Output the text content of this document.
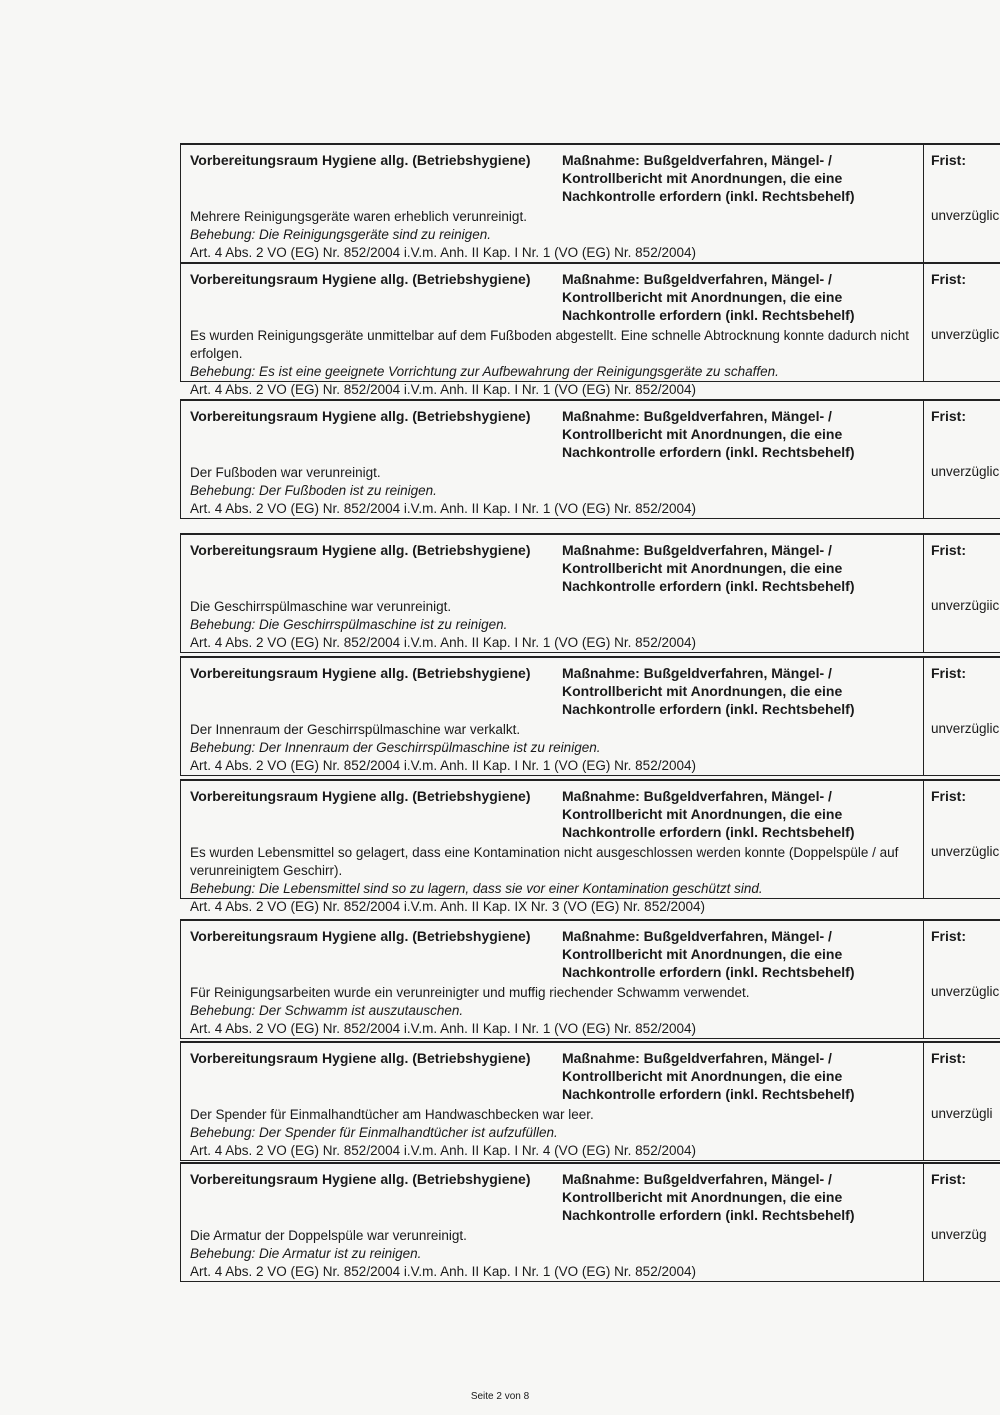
Vorbereitungsraum Hygiene allg. (Betriebshygiene) Maßnahme: Bußgeldverfahren, Mängel- /
Kontrollbericht mit Anordnungen, die eine
Nachkontrolle erfordern (inkl. Rechtsbehelf)
Frist:
Mehrere Reinigungsgeräte waren erheblich verunreinigt.
Behebung: Die Reinigungsgeräte sind zu reinigen.
Art. 4 Abs. 2 VO (EG) Nr. 852/2004 i.V.m. Anh. II Kap. I Nr. 1 (VO (EG) Nr. 852/2004)
unverzüglic
Vorbereitungsraum Hygiene allg. (Betriebshygiene) Maßnahme: Bußgeldverfahren, Mängel- /
Kontrollbericht mit Anordnungen, die eine
Nachkontrolle erfordern (inkl. Rechtsbehelf)
Frist:
Es wurden Reinigungsgeräte unmittelbar auf dem Fußboden abgestellt. Eine schnelle Abtrocknung konnte dadurch nicht erfolgen.
Behebung: Es ist eine geeignete Vorrichtung zur Aufbewahrung der Reinigungsgeräte zu schaffen.
Art. 4 Abs. 2 VO (EG) Nr. 852/2004 i.V.m. Anh. II Kap. I Nr. 1 (VO (EG) Nr. 852/2004)
unverzüglic
Vorbereitungsraum Hygiene allg. (Betriebshygiene) Maßnahme: Bußgeldverfahren, Mängel- /
Kontrollbericht mit Anordnungen, die eine
Nachkontrolle erfordern (inkl. Rechtsbehelf)
Frist:
Der Fußboden war verunreinigt.
Behebung: Der Fußboden ist zu reinigen.
Art. 4 Abs. 2 VO (EG) Nr. 852/2004 i.V.m. Anh. II Kap. I Nr. 1 (VO (EG) Nr. 852/2004)
unverzüglic
Vorbereitungsraum Hygiene allg. (Betriebshygiene) Maßnahme: Bußgeldverfahren, Mängel- /
Kontrollbericht mit Anordnungen, die eine
Nachkontrolle erfordern (inkl. Rechtsbehelf)
Frist:
Die Geschirrspülmaschine war verunreinigt.
Behebung: Die Geschirrspülmaschine ist zu reinigen.
Art. 4 Abs. 2 VO (EG) Nr. 852/2004 i.V.m. Anh. II Kap. I Nr. 1 (VO (EG) Nr. 852/2004)
unverzügiic
Vorbereitungsraum Hygiene allg. (Betriebshygiene) Maßnahme: Bußgeldverfahren, Mängel- /
Kontrollbericht mit Anordnungen, die eine
Nachkontrolle erfordern (inkl. Rechtsbehelf)
Frist:
Der Innenraum der Geschirrspülmaschine war verkalkt.
Behebung: Der Innenraum der Geschirrspülmaschine ist zu reinigen.
Art. 4 Abs. 2 VO (EG) Nr. 852/2004 i.V.m. Anh. II Kap. I Nr. 1 (VO (EG) Nr. 852/2004)
unverzüglic
Vorbereitungsraum Hygiene allg. (Betriebshygiene) Maßnahme: Bußgeldverfahren, Mängel- /
Kontrollbericht mit Anordnungen, die eine
Nachkontrolle erfordern (inkl. Rechtsbehelf)
Frist:
Es wurden Lebensmittel so gelagert, dass eine Kontamination nicht ausgeschlossen werden konnte (Doppelspüle / auf verunreinigtem Geschirr).
Behebung: Die Lebensmittel sind so zu lagern, dass sie vor einer Kontamination geschützt sind.
Art. 4 Abs. 2 VO (EG) Nr. 852/2004 i.V.m. Anh. II Kap. IX Nr. 3 (VO (EG) Nr. 852/2004)
unverzüglic
Vorbereitungsraum Hygiene allg. (Betriebshygiene) Maßnahme: Bußgeldverfahren, Mängel- /
Kontrollbericht mit Anordnungen, die eine
Nachkontrolle erfordern (inkl. Rechtsbehelf)
Frist:
Für Reinigungsarbeiten wurde ein verunreinigter und muffig riechender Schwamm verwendet.
Behebung: Der Schwamm ist auszutauschen.
Art. 4 Abs. 2 VO (EG) Nr. 852/2004 i.V.m. Anh. II Kap. I Nr. 1 (VO (EG) Nr. 852/2004)
unverzüglic
Vorbereitungsraum Hygiene allg. (Betriebshygiene) Maßnahme: Bußgeldverfahren, Mängel- /
Kontrollbericht mit Anordnungen, die eine
Nachkontrolle erfordern (inkl. Rechtsbehelf)
Frist:
Der Spender für Einmalhandtücher am Handwaschbecken war leer.
Behebung: Der Spender für Einmalhandtücher ist aufzufüllen.
Art. 4 Abs. 2 VO (EG) Nr. 852/2004 i.V.m. Anh. II Kap. I Nr. 4 (VO (EG) Nr. 852/2004)
unverzügli
Vorbereitungsraum Hygiene allg. (Betriebshygiene) Maßnahme: Bußgeldverfahren, Mängel- /
Kontrollbericht mit Anordnungen, die eine
Nachkontrolle erfordern (inkl. Rechtsbehelf)
Frist:
Die Armatur der Doppelspüle war verunreinigt.
Behebung: Die Armatur ist zu reinigen.
Art. 4 Abs. 2 VO (EG) Nr. 852/2004 i.V.m. Anh. II Kap. I Nr. 1 (VO (EG) Nr. 852/2004)
unverzüg
Seite 2 von 8
